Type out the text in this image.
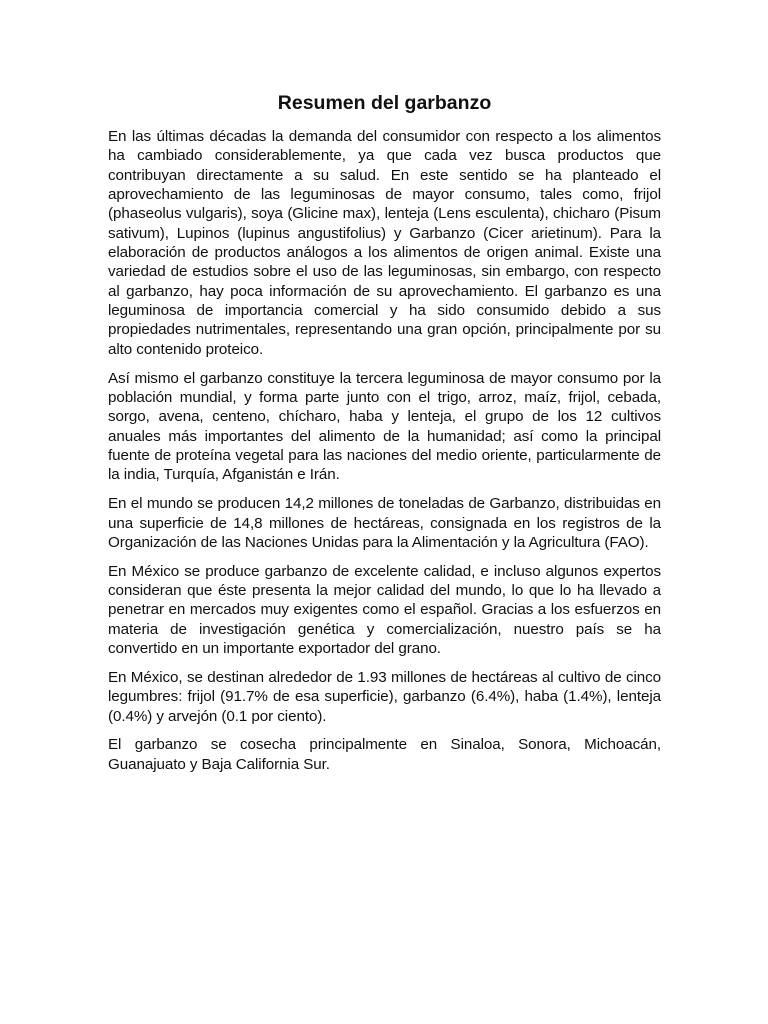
Resumen del garbanzo

En las últimas décadas la demanda del consumidor con respecto a los alimentos ha cambiado considerablemente, ya que cada vez busca productos que contribuyan directamente a su salud. En este sentido se ha planteado el aprovechamiento de las leguminosas de mayor consumo, tales como, frijol (phaseolus vulgaris), soya (Glicine max), lenteja (Lens esculenta), chicharo (Pisum sativum), Lupinos (lupinus angustifolius) y Garbanzo (Cicer arietinum). Para la elaboración de productos análogos a los alimentos de origen animal. Existe una variedad de estudios sobre el uso de las leguminosas, sin embargo, con respecto al garbanzo, hay poca información de su aprovechamiento. El garbanzo es una leguminosa de importancia comercial y ha sido consumido debido a sus propiedades nutrimentales, representando una gran opción, principalmente por su alto contenido proteico.

Así mismo el garbanzo constituye la tercera leguminosa de mayor consumo por la población mundial, y forma parte junto con el trigo, arroz, maíz, frijol, cebada, sorgo, avena, centeno, chícharo, haba y lenteja, el grupo de los 12 cultivos anuales más importantes del alimento de la humanidad; así como la principal fuente de proteína vegetal para las naciones del medio oriente, particularmente de la india, Turquía, Afganistán e Irán.

En el mundo se producen 14,2 millones de toneladas de Garbanzo, distribuidas en una superficie de 14,8 millones de hectáreas, consignada en los registros de la Organización de las Naciones Unidas para la Alimentación y la Agricultura (FAO).

En México se produce garbanzo de excelente calidad, e incluso algunos expertos consideran que éste presenta la mejor calidad del mundo, lo que lo ha llevado a penetrar en mercados muy exigentes como el español. Gracias a los esfuerzos en materia de investigación genética y comercialización, nuestro país se ha convertido en un importante exportador del grano.

En México, se destinan alrededor de 1.93 millones de hectáreas al cultivo de cinco legumbres: frijol (91.7% de esa superficie), garbanzo (6.4%), haba (1.4%), lenteja (0.4%) y arvejón (0.1 por ciento).

El garbanzo se cosecha principalmente en Sinaloa, Sonora, Michoacán, Guanajuato y Baja California Sur.
